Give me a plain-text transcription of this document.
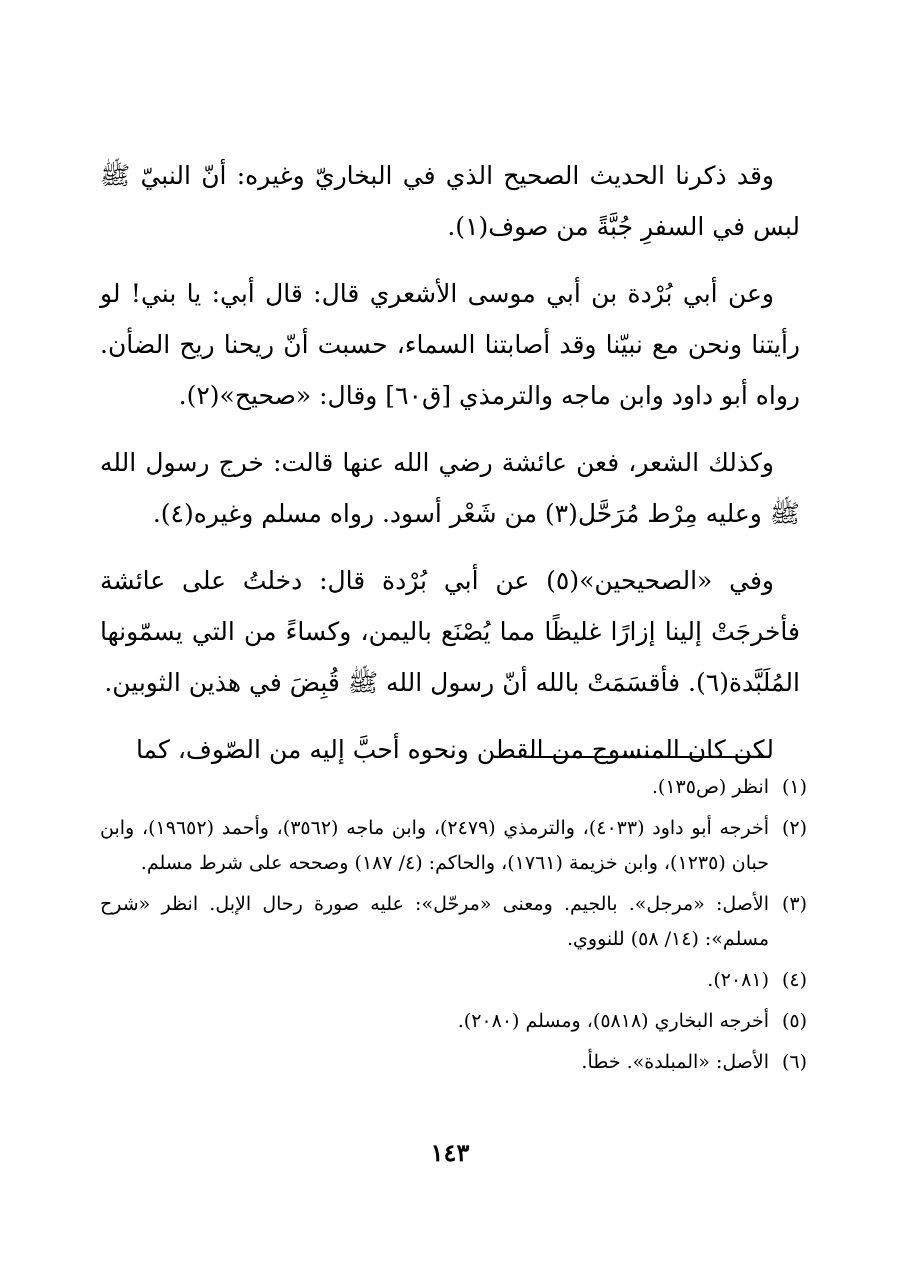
وقد ذكرنا الحديث الصحيح الذي في البخاريّ وغيره: أنّ النبيّ ﷺ لبس في السفرِ جُبَّةً من صوف(١).

وعن أبي بُرْدة بن أبي موسى الأشعري قال: قال أبي: يا بني! لو رأيتنا ونحن مع نبيّنا وقد أصابتنا السماء، حسبت أنّ ريحنا ريح الضأن. رواه أبو داود وابن ماجه والترمذي [ق٦٠] وقال: «صحيح»(٢).

وكذلك الشعر، فعن عائشة رضي الله عنها قالت: خرج رسول الله ﷺ وعليه مِرْط مُرَحَّل(٣) من شَعْر أسود. رواه مسلم وغيره(٤).

وفي «الصحيحين»(٥) عن أبي بُرْدة قال: دخلتُ على عائشة فأخرجَتْ إلينا إزارًا غليظًا مما يُصْنَع باليمن، وكساءً من التي يسمّونها المُلَبَّدة(٦). فأقسَمَتْ بالله أنّ رسول الله ﷺ قُبِضَ في هذين الثوبين.

لكن كان المنسوج من القطن ونحوه أحبَّ إليه من الصّوف، كما

(١)
انظر (ص١٣٥).
(٢)
أخرجه أبو داود (٤٠٣٣)، والترمذي (٢٤٧٩)، وابن ماجه (٣٥٦٢)، وأحمد (١٩٦٥٢)، وابن حبان (١٢٣٥)، وابن خزيمة (١٧٦١)، والحاكم: (٤/ ١٨٧) وصححه على شرط مسلم.
(٣)
الأصل: «مرجل». بالجيم. ومعنى «مرحّل»: عليه صورة رحال الإبل. انظر «شرح مسلم»: (١٤/ ٥٨) للنووي.
(٤)
(٢٠٨١).
(٥)
أخرجه البخاري (٥٨١٨)، ومسلم (٢٠٨٠).
(٦)
الأصل: «المبلدة». خطأ.
١٤٣
